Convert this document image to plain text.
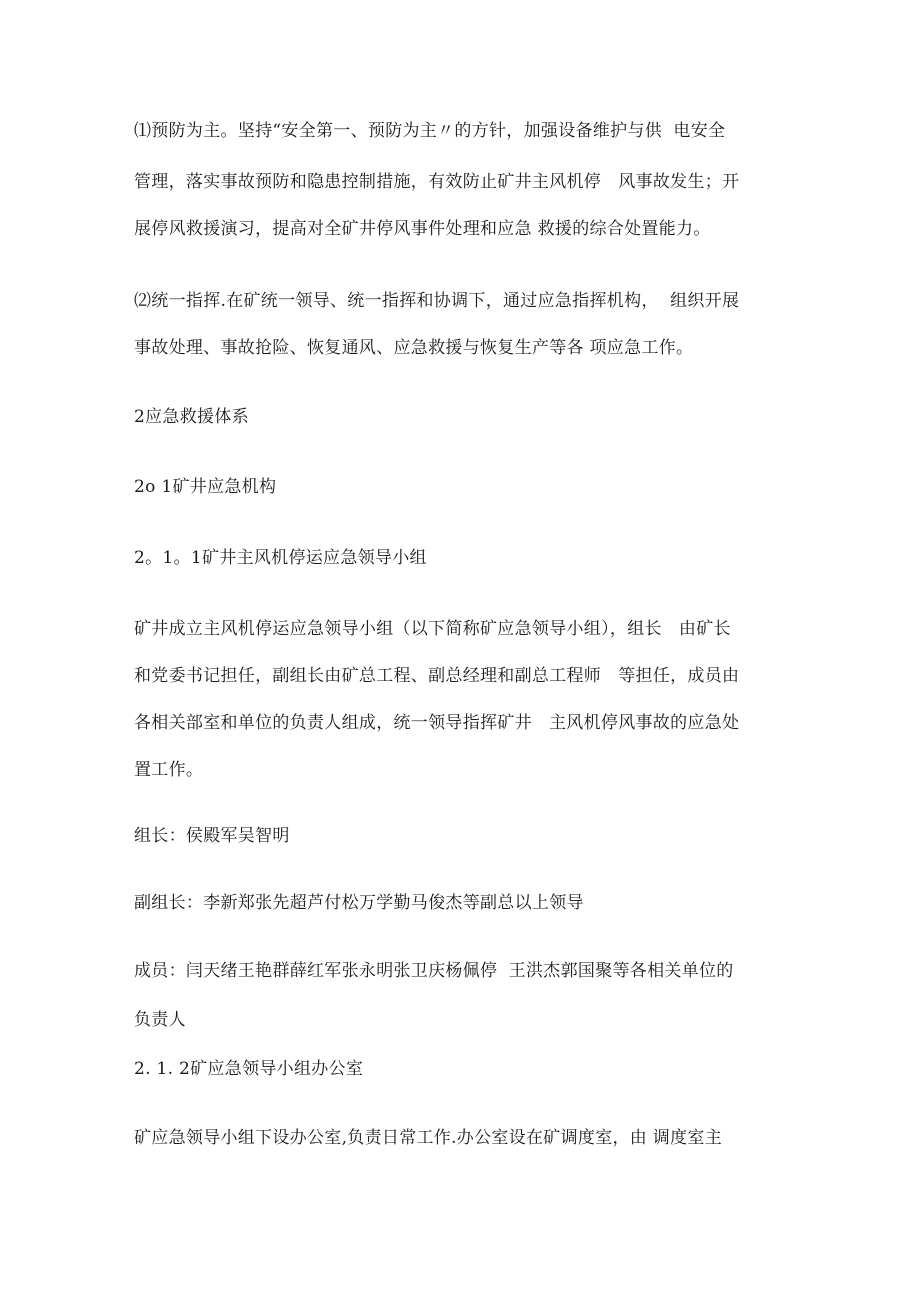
⑴预防为主。坚持“安全第一、预防为主〃的方针，加强设备维护与供  电安全
管理，落实事故预防和隐患控制措施，有效防止矿井主风机停   风事故发生；开
展停风救援演习，提高对全矿井停风事件处理和应急 救援的综合处置能力。
⑵统一指挥.在矿统一领导、统一指挥和协调下，通过应急指挥机构，  组织开展
事故处理、事故抢险、恢复通风、应急救援与恢复生产等各 项应急工作。
2应急救援体系
2o 1矿井应急机构
2。1。1矿井主风机停运应急领导小组
矿井成立主风机停运应急领导小组（以下简称矿应急领导小组），组长   由矿长
和党委书记担任，副组长由矿总工程、副总经理和副总工程师   等担任，成员由
各相关部室和单位的负责人组成，统一领导指挥矿井   主风机停风事故的应急处
置工作。
组长：侯殿军吴智明
副组长：李新郑张先超芦付松万学勤马俊杰等副总以上领导
成员：闫天绪王艳群薛红军张永明张卫庆杨佩停  王洪杰郭国聚等各相关单位的
负责人
2. 1. 2矿应急领导小组办公室
矿应急领导小组下设办公室,负责日常工作.办公室设在矿调度室，由 调度室主
